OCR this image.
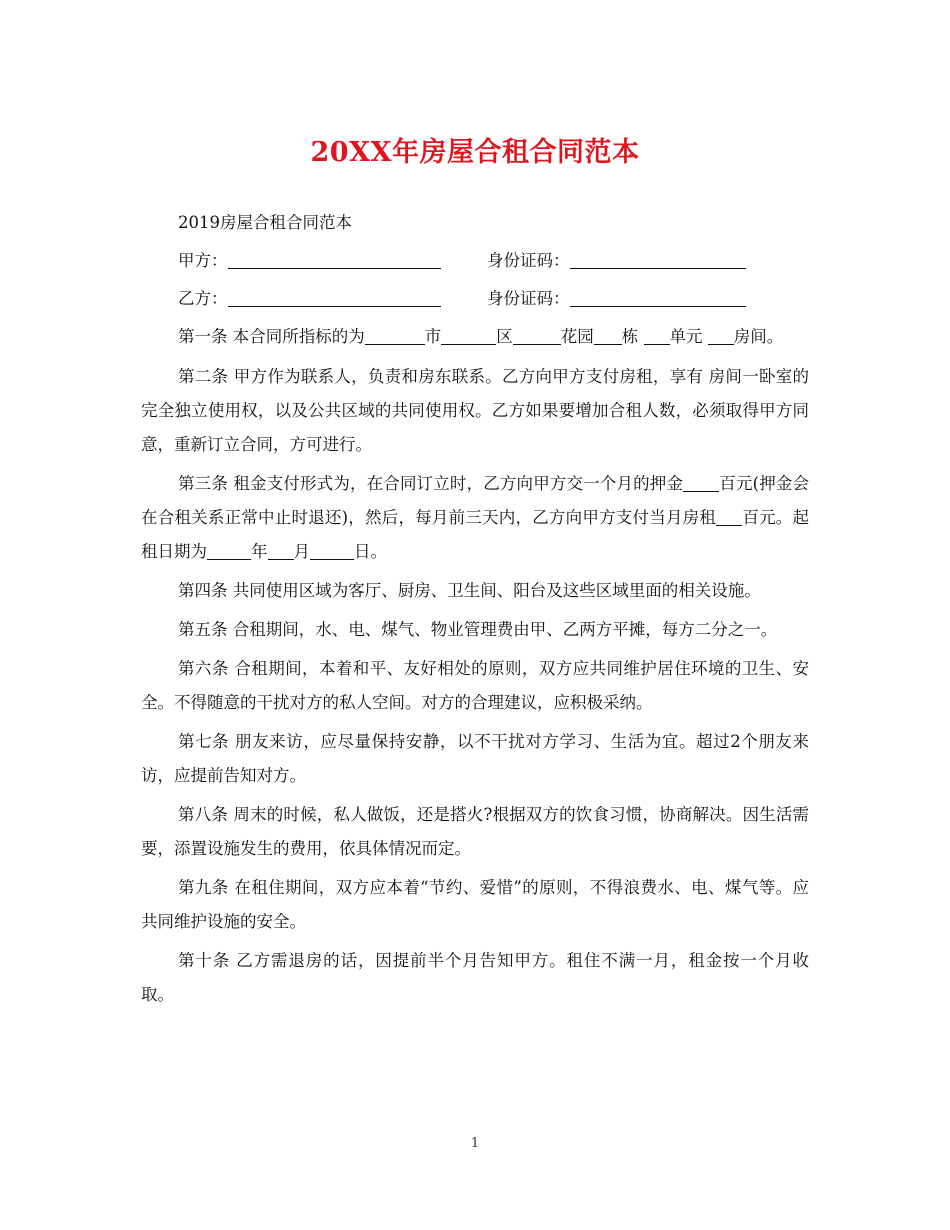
20XX年房屋合租合同范本

2019房屋合租合同范本

甲方：	身份证码：
乙方：	身份证码：

第一条 本合同所指标的为	市	区	花园 栋 单元 房间。

第二条 甲方作为联系人，负责和房东联系。乙方向甲方支付房租，享有 房间一卧室的完全独立使用权，以及公共区域的共同使用权。乙方如果要增加合租人数，必须取得甲方同意，重新订立合同，方可进行。

第三条 租金支付形式为，在合同订立时，乙方向甲方交一个月的押金 百元(押金会在合租关系正常中止时退还)，然后，每月前三天内，乙方向甲方支付当月房租 百元。起租日期为	年 月	日。

第四条 共同使用区域为客厅、厨房、卫生间、阳台及这些区域里面的相关设施。

第五条 合租期间，水、电、煤气、物业管理费由甲、乙两方平摊，每方二分之一。

第六条 合租期间，本着和平、友好相处的原则，双方应共同维护居住环境的卫生、安全。不得随意的干扰对方的私人空间。对方的合理建议，应积极采纳。

第七条 朋友来访，应尽量保持安静，以不干扰对方学习、生活为宜。超过2个朋友来访，应提前告知对方。

第八条 周末的时候，私人做饭，还是搭火?根据双方的饮食习惯，协商解决。因生活需要，添置设施发生的费用，依具体情况而定。

第九条 在租住期间，双方应本着“节约、爱惜”的原则，不得浪费水、电、煤气等。应共同维护设施的安全。

第十条 乙方需退房的话，因提前半个月告知甲方。租住不满一月，租金按一个月收取。

1
